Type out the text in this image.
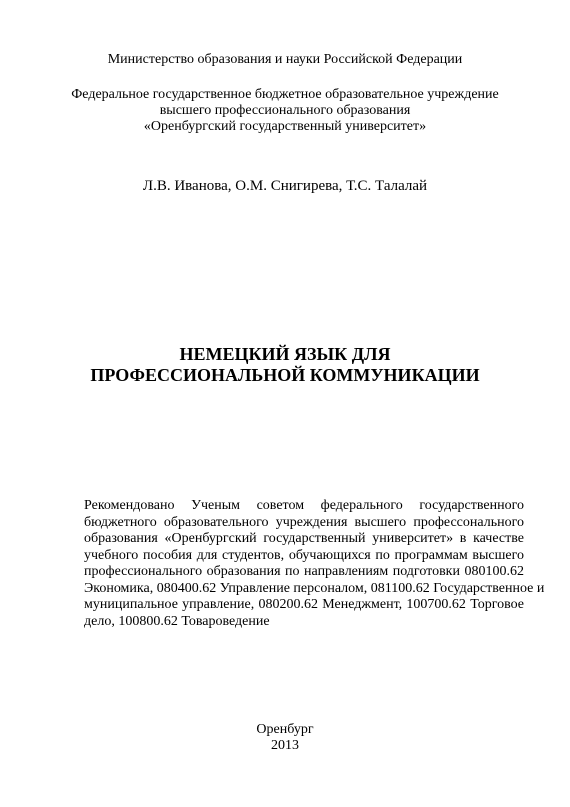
Министерство образования и науки Российской Федерации
Федеральное государственное бюджетное образовательное учреждение
высшего профессионального образования
«Оренбургский государственный университет»
Л.В. Иванова, О.М. Снигирева, Т.С. Талалай
НЕМЕЦКИЙ ЯЗЫК ДЛЯ
ПРОФЕССИОНАЛЬНОЙ КОММУНИКАЦИИ
Рекомендовано Ученым советом федерального государственного
бюджетного образовательного учреждения высшего профессонального
образования «Оренбургский государственный университет» в качестве
учебного пособия для студентов, обучающихся по программам высшего
профессионального образования по направлениям подготовки 080100.62
Экономика, 080400.62 Управление персоналом, 081100.62 Государственное и
муниципальное управление, 080200.62 Менеджмент, 100700.62 Торговое
дело, 100800.62 Товароведение
Оренбург
2013
